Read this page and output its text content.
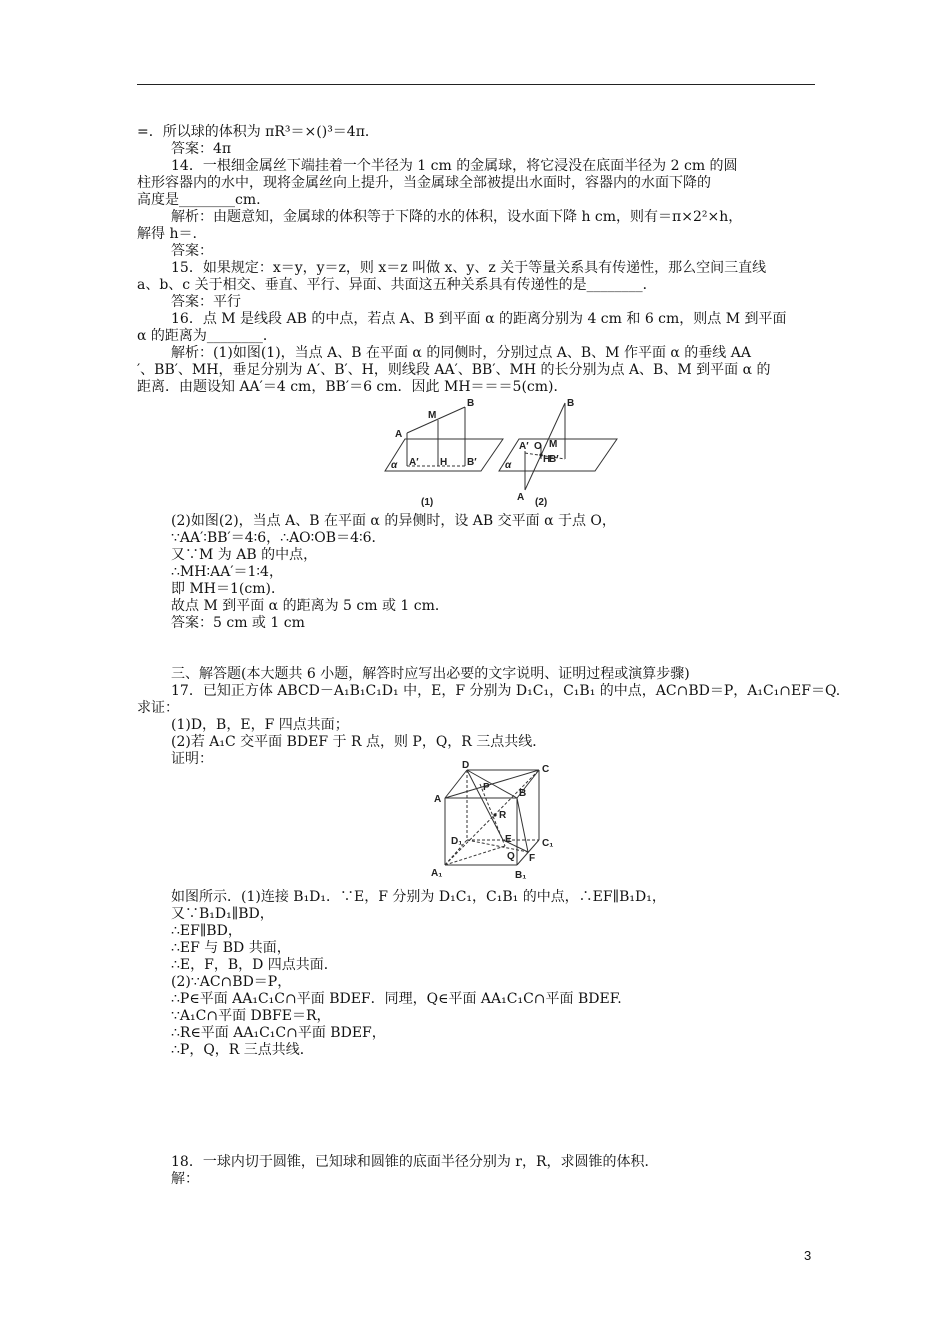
=．所以球的体积为 πR³＝×()³＝4π．
答案：4π
14．一根细金属丝下端挂着一个半径为 1 cm 的金属球，将它浸没在底面半径为 2 cm 的圆
柱形容器内的水中，现将金属丝向上提升，当金属球全部被提出水面时，容器内的水面下降的
高度是________cm.
解析：由题意知，金属球的体积等于下降的水的体积，设水面下降 h cm，则有＝π×2²×h，
解得 h＝.
答案：
15．如果规定：x＝y，y＝z，则 x＝z 叫做 x、y、z 关于等量关系具有传递性，那么空间三直线
a、b、c 关于相交、垂直、平行、异面、共面这五种关系具有传递性的是________．
答案：平行
16．点 M 是线段 AB 的中点，若点 A、B 到平面 α 的距离分别为 4 cm 和 6 cm，则点 M 到平面
α 的距离为________．
解析：(1)如图(1)，当点 A、B 在平面 α 的同侧时，分别过点 A、B、M 作平面 α 的垂线 AA
′、BB′、MH，垂足分别为 A′、B′、H，则线段 AA′、BB′、MH 的长分别为点 A、B、M 到平面 α 的
距离．由题设知 AA′＝4 cm，BB′＝6 cm．因此 MH＝＝＝5(cm)．
(2)如图(2)，当点 A、B 在平面 α 的异侧时，设 AB 交平面 α 于点 O，
∵AA′∶BB′＝4∶6，∴AO∶OB＝4∶6．
又∵M 为 AB 的中点，
∴MH∶AA′＝1∶4，
即 MH＝1(cm)．
故点 M 到平面 α 的距离为 5 cm 或 1 cm．
答案：5 cm 或 1 cm
三、解答题(本大题共 6 小题，解答时应写出必要的文字说明、证明过程或演算步骤)
17．已知正方体 ABCD－A₁B₁C₁D₁ 中，E，F 分别为 D₁C₁，C₁B₁ 的中点，AC∩BD＝P，A₁C₁∩EF＝Q.
求证：
(1)D，B，E，F 四点共面；
(2)若 A₁C 交平面 BDEF 于 R 点，则 P，Q，R 三点共线．
证明：
如图所示．(1)连接 B₁D₁．∵E，F 分别为 D₁C₁，C₁B₁ 的中点，∴EF∥B₁D₁，
又∵B₁D₁∥BD，
∴EF∥BD，
∴EF 与 BD 共面，
∴E，F，B，D 四点共面．
(2)∵AC∩BD＝P，
∴P∈平面 AA₁C₁C∩平面 BDEF．同理，Q∈平面 AA₁C₁C∩平面 BDEF.
∵A₁C∩平面 DBFE＝R，
∴R∈平面 AA₁C₁C∩平面 BDEF，
∴P，Q，R 三点共线．
18．一球内切于圆锥，已知球和圆锥的底面半径分别为 r，R，求圆锥的体积．
解：
A
B
M
A′ H B′
α
(1)
B
A′ O M
B′
H
α
A (2)
D	C
A
B
P
R
D₁	E	C₁
Q F
A₁	B₁
3
